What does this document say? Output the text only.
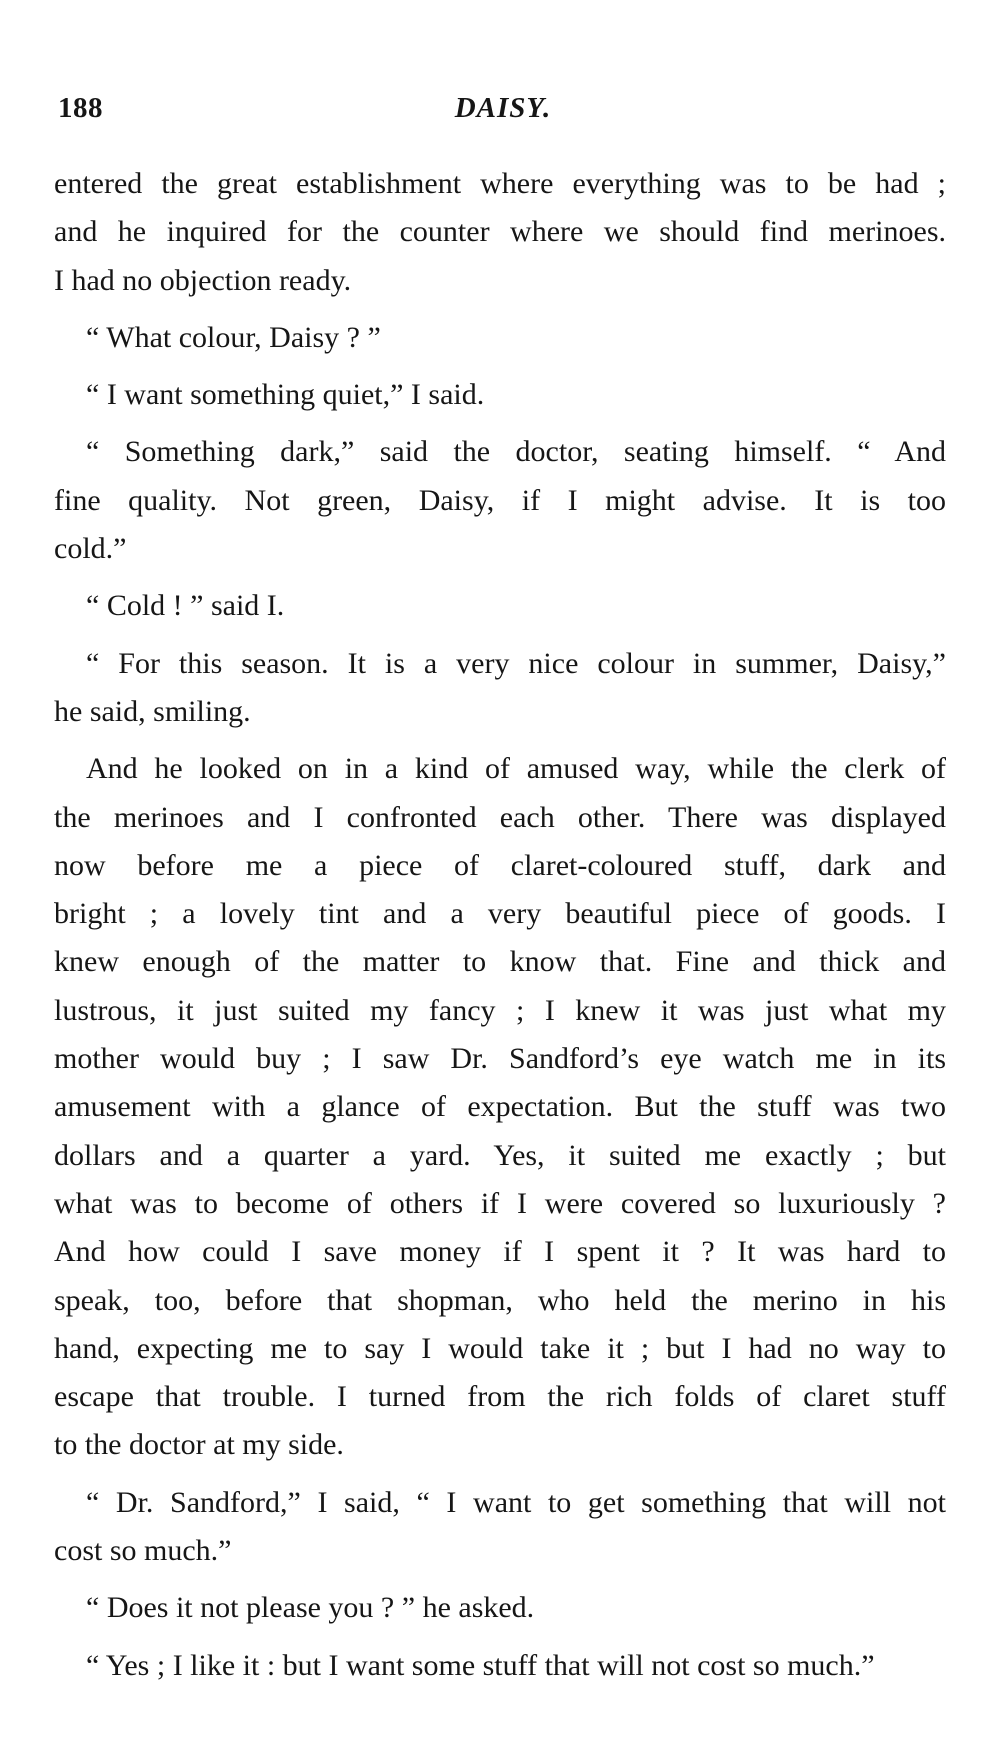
188	DAISY.
entered the great establishment where everything was to be had ;
and he inquired for the counter where we should find merinoes.
I had no objection ready.
“ What colour, Daisy ? ”
“ I want something quiet,” I said.
“ Something dark,” said the doctor, seating himself. “ And
fine quality. Not green, Daisy, if I might advise. It is too
cold.”
“ Cold ! ” said I.
“ For this season. It is a very nice colour in summer, Daisy,”
he said, smiling.
And he looked on in a kind of amused way, while the clerk of
the merinoes and I confronted each other. There was displayed
now before me a piece of claret-coloured stuff, dark and
bright ; a lovely tint and a very beautiful piece of goods. I
knew enough of the matter to know that. Fine and thick and
lustrous, it just suited my fancy ; I knew it was just what my
mother would buy ; I saw Dr. Sandford’s eye watch me in its
amusement with a glance of expectation. But the stuff was two
dollars and a quarter a yard. Yes, it suited me exactly ; but
what was to become of others if I were covered so luxuriously ?
And how could I save money if I spent it ? It was hard to
speak, too, before that shopman, who held the merino in his
hand, expecting me to say I would take it ; but I had no way to
escape that trouble. I turned from the rich folds of claret stuff
to the doctor at my side.
“ Dr. Sandford,” I said, “ I want to get something that will not
cost so much.”
“ Does it not please you ? ” he asked.
“ Yes ; I like it : but I want some stuff that will not cost so much.”
